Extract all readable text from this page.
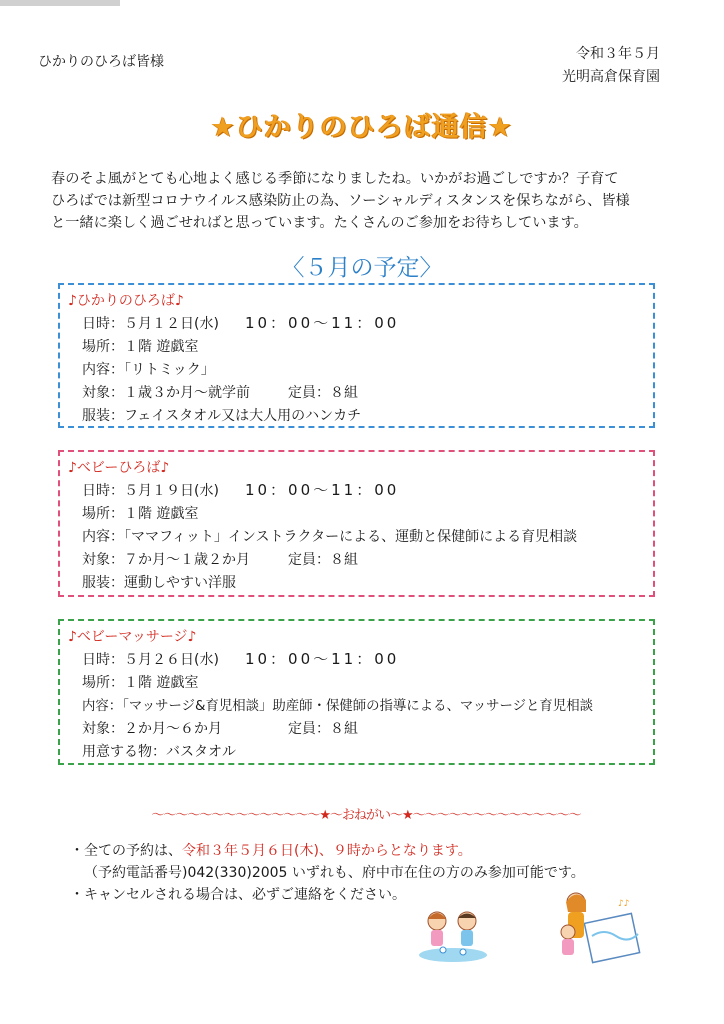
ひかりのひろば皆様	令和３年５月
光明高倉保育園
★ひかりのひろば通信★

春のそよ風がとても心地よく感じる季節になりましたね。いかがお過ごしですか？子育て

ひろばでは新型コロナウイルス感染防止の為、ソーシャルディスタンスを保ちながら、皆様

と一緒に楽しく過ごせればと思っています。たくさんのご参加をお待ちしています。

〈５月の予定〉
♪ひかりのひろば♪
日時：５月１２日(水) 10：00～11：00
場所：１階 遊戯室
内容：「リトミック」
対象：１歳３か月～就学前	定員：８組
服装：フェイスタオル又は大人用のハンカチ
♪ベビーひろば♪
日時：５月１９日(水) 10：00～11：00
場所：１階 遊戯室
内容：「ママフィット」インストラクターによる、運動と保健師による育児相談
対象：７か月～１歳２か月	定員：８組
服装：運動しやすい洋服
♪ベビーマッサージ♪
日時：５月２６日(水) 10：00～11：00
場所：１階 遊戯室
内容：「マッサージ&育児相談」助産師・保健師の指導による、マッサージと育児相談
対象：２か月～６か月	定員：８組
用意する物：バスタオル
～～～～～～～～～～～～～～★～おねがい～★～～～～～～～～～～～～～～
・全ての予約は、令和３年５月６日(木)、９時からとなります。
（予約電話番号)042(330)2005 いずれも、府中市在住の方のみ参加可能です。
・キャンセルされる場合は、必ずご連絡をください。
♪♪
